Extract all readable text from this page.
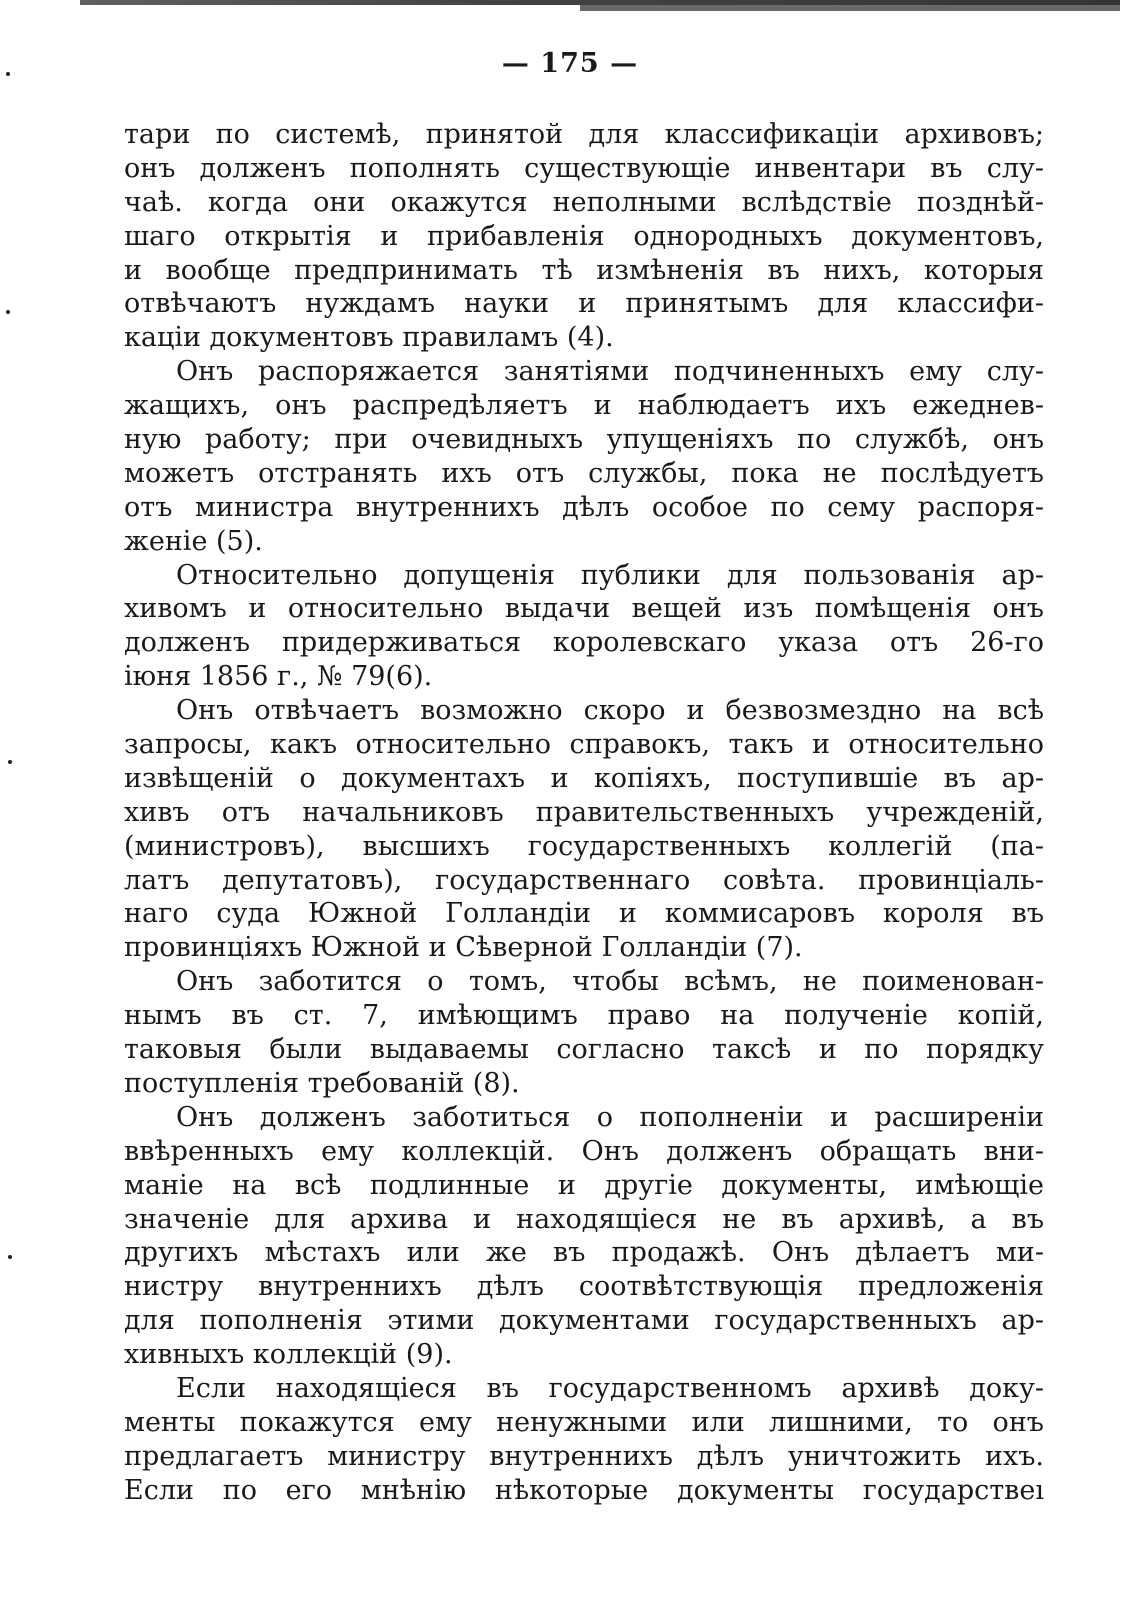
— 175 —
тари по системѣ, принятой для классификаціи архивовъ;
онъ долженъ пополнять существующіе инвентари въ слу-
чаѣ. когда они окажутся неполными вслѣдствіе позднѣй-
шаго открытія и прибавленія однородныхъ документовъ,
и вообще предпринимать тѣ измѣненія въ нихъ, которыя
отвѣчаютъ нуждамъ науки и принятымъ для классифи-
каціи документовъ правиламъ (4).
Онъ распоряжается занятіями подчиненныхъ ему слу-
жащихъ, онъ распредѣляетъ и наблюдаетъ ихъ ежеднев-
ную работу; при очевидныхъ упущеніяхъ по службѣ, онъ
можетъ отстранять ихъ отъ службы, пока не послѣдуетъ
отъ министра внутреннихъ дѣлъ особое по сему распоря-
женіе (5).
Относительно допущенія публики для пользованія ар-
хивомъ и относительно выдачи вещей изъ помѣщенія онъ
долженъ придерживаться королевскаго указа отъ 26-го
іюня 1856 г., № 79(6).
Онъ отвѣчаетъ возможно скоро и безвозмездно на всѣ
запросы, какъ относительно справокъ, такъ и относительно
извѣщеній о документахъ и копіяхъ, поступившіе въ ар-
хивъ отъ начальниковъ правительственныхъ учрежденій,
(министровъ), высшихъ государственныхъ коллегій (па-
латъ депутатовъ), государственнаго совѣта. провинціаль-
наго суда Южной Голландіи и коммисаровъ короля въ
провинціяхъ Южной и Сѣверной Голландіи (7).
Онъ заботится о томъ, чтобы всѣмъ, не поименован-
нымъ въ ст. 7, имѣющимъ право на полученіе копій,
таковыя были выдаваемы согласно таксѣ и по порядку
поступленія требованій (8).
Онъ долженъ заботиться о пополненіи и расширеніи
ввѣренныхъ ему коллекцій. Онъ долженъ обращать вни-
маніе на всѣ подлинные и другіе документы, имѣющіе
значеніе для архива и находящіеся не въ архивѣ, а въ
другихъ мѣстахъ или же въ продажѣ. Онъ дѣлаетъ ми-
нистру внутреннихъ дѣлъ соотвѣтствующія предложенія
для пополненія этими документами государственныхъ ар-
хивныхъ коллекцій (9).
Если находящіеся въ государственномъ архивѣ доку-
менты покажутся ему ненужными или лишними, то онъ
предлагаетъ министру внутреннихъ дѣлъ уничтожить ихъ.
Если по его мнѣнію нѣкоторые документы государствеı
